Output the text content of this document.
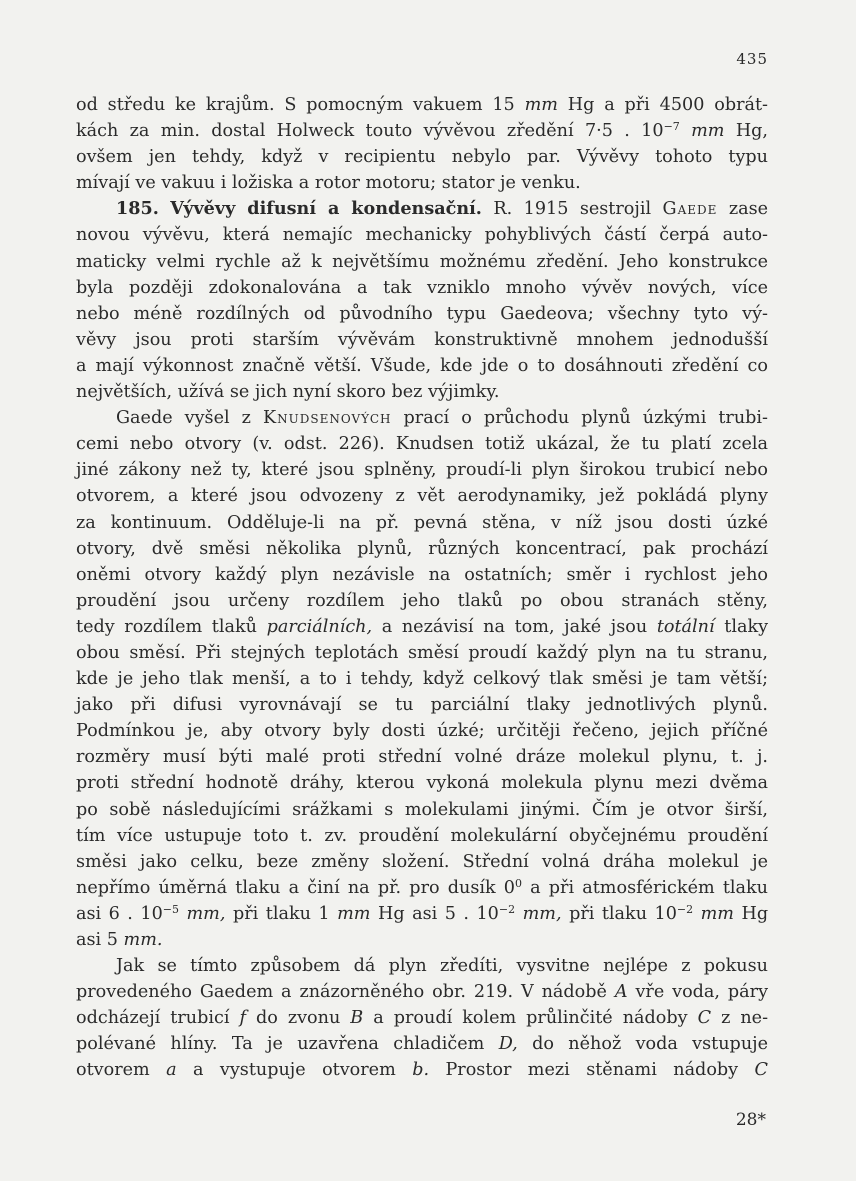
435
od středu ke krajům. S pomocným vakuem 15 mm Hg a při 4500 obrát-
kách za min. dostal Holweck touto vývěvou zředění 7·5 . $10^{-7}$ mm Hg,
ovšem jen tehdy, když v recipientu nebylo par. Vývěvy tohoto typu
mívají ve vakuu i ložiska a rotor motoru; stator je venku.
185. Vývěvy difusní a kondensační. R. 1915 sestrojil Gaede zase
novou vývěvu, která nemajíc mechanicky pohyblivých částí čerpá auto-
maticky velmi rychle až k největšímu možnému zředění. Jeho konstrukce
byla později zdokonalována a tak vzniklo mnoho vývěv nových, více
nebo méně rozdílných od původního typu Gaedeova; všechny tyto vý-
věvy jsou proti starším vývěvám konstruktivně mnohem jednodušší
a mají výkonnost značně větší. Všude, kde jde o to dosáhnouti zředění co
největších, užívá se jich nyní skoro bez výjimky.
Gaede vyšel z Knudsenových prací o průchodu plynů úzkými trubi-
cemi nebo otvory (v. odst. 226). Knudsen totiž ukázal, že tu platí zcela
jiné zákony než ty, které jsou splněny, proudí-li plyn širokou trubicí nebo
otvorem, a které jsou odvozeny z vět aerodynamiky, jež pokládá plyny
za kontinuum. Odděluje-li na př. pevná stěna, v níž jsou dosti úzké
otvory, dvě směsi několika plynů, různých koncentrací, pak prochází
oněmi otvory každý plyn nezávisle na ostatních; směr i rychlost jeho
proudění jsou určeny rozdílem jeho tlaků po obou stranách stěny,
tedy rozdílem tlaků parciálních, a nezávisí na tom, jaké jsou totální tlaky
obou směsí. Při stejných teplotách směsí proudí každý plyn na tu stranu,
kde je jeho tlak menší, a to i tehdy, když celkový tlak směsi je tam větší;
jako při difusi vyrovnávají se tu parciální tlaky jednotlivých plynů.
Podmínkou je, aby otvory byly dosti úzké; určitěji řečeno, jejich příčné
rozměry musí býti malé proti střední volné dráze molekul plynu, t. j.
proti střední hodnotě dráhy, kterou vykoná molekula plynu mezi dvěma
po sobě následujícími srážkami s molekulami jinými. Čím je otvor širší,
tím více ustupuje toto t. zv. proudění molekulární obyčejnému proudění
směsi jako celku, beze změny složení. Střední volná dráha molekul je
nepřímo úměrná tlaku a činí na př. pro dusík $0^0$ a při atmosférickém tlaku
asi 6 . $10^{-5}$ mm, při tlaku 1 mm Hg asi 5 . $10^{-2}$ mm, při tlaku $10^{-2}$ mm Hg
asi 5 mm.
Jak se tímto způsobem dá plyn zředíti, vysvitne nejlépe z pokusu
provedeného Gaedem a znázorněného obr. 219. V nádobě A vře voda, páry
odcházejí trubicí f do zvonu B a proudí kolem průlinčité nádoby C z ne-
polévané hlíny. Ta je uzavřena chladičem D, do něhož voda vstupuje
otvorem a a vystupuje otvorem b. Prostor mezi stěnami nádoby C
28*
